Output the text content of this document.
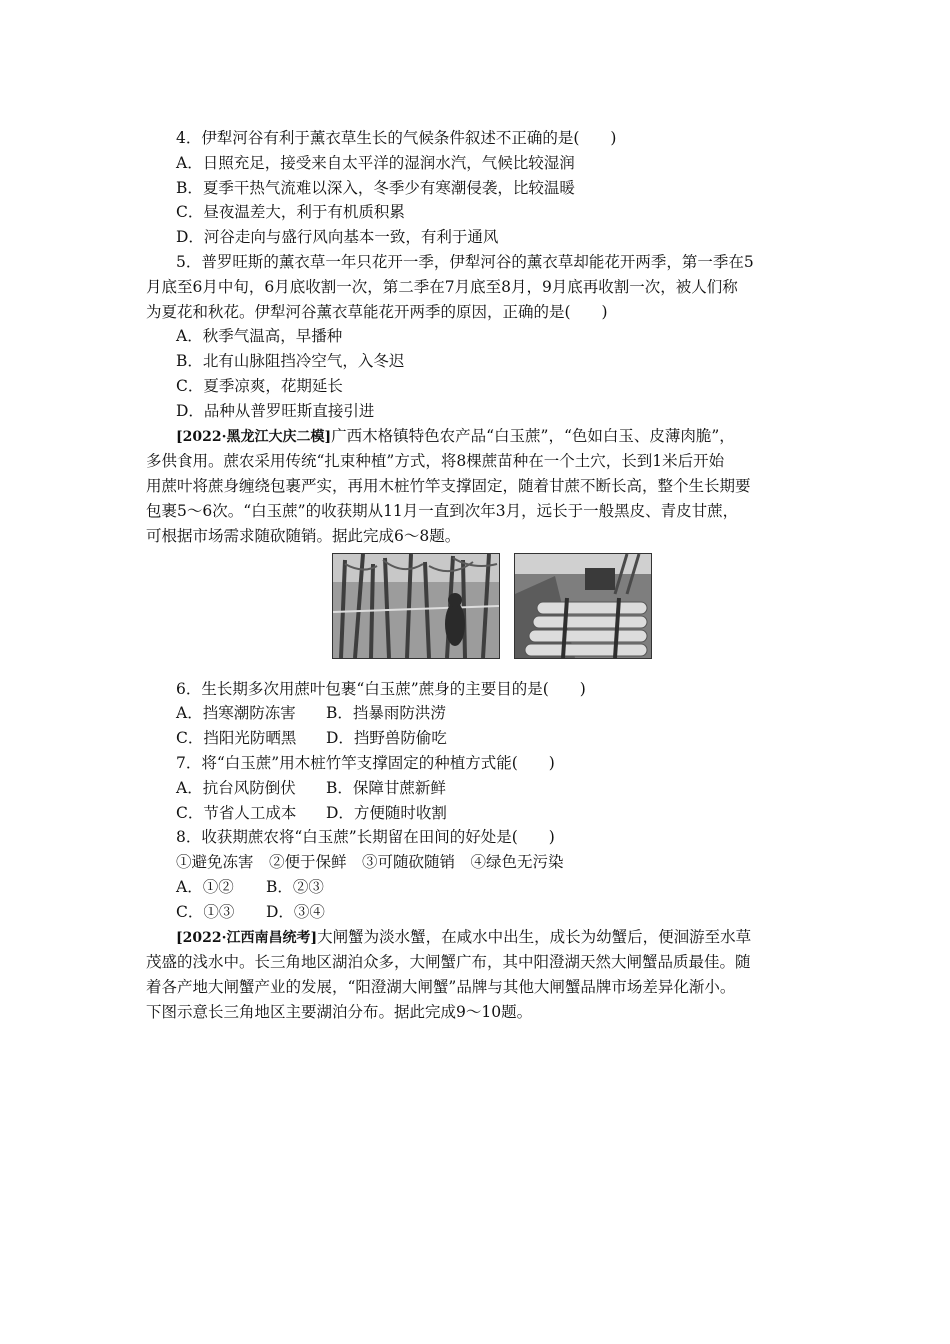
4．伊犁河谷有利于薰衣草生长的气候条件叙述不正确的是(　　)
A．日照充足，接受来自太平洋的湿润水汽，气候比较湿润
B．夏季干热气流难以深入，冬季少有寒潮侵袭，比较温暖
C．昼夜温差大，利于有机质积累
D．河谷走向与盛行风向基本一致，有利于通风
5．普罗旺斯的薰衣草一年只花开一季，伊犁河谷的薰衣草却能花开两季，第一季在5
月底至6月中旬，6月底收割一次，第二季在7月底至8月，9月底再收割一次，被人们称
为夏花和秋花。伊犁河谷薰衣草能花开两季的原因，正确的是(　　)
A．秋季气温高，早播种
B．北有山脉阻挡冷空气，入冬迟
C．夏季凉爽，花期延长
D．品种从普罗旺斯直接引进
[2022·黑龙江大庆二模]广西木格镇特色农产品“白玉蔗”，“色如白玉、皮薄肉脆”，
多供食用。蔗农采用传统“扎束种植”方式，将8棵蔗苗种在一个土穴，长到1米后开始
用蔗叶将蔗身缠绕包裹严实，再用木桩竹竿支撑固定，随着甘蔗不断长高，整个生长期要
包裹5～6次。“白玉蔗”的收获期从11月一直到次年3月，远长于一般黑皮、青皮甘蔗，
可根据市场需求随砍随销。据此完成6～8题。
6．生长期多次用蔗叶包裹“白玉蔗”蔗身的主要目的是(　　)
A．挡寒潮防冻害 B．挡暴雨防洪涝
C．挡阳光防晒黑 D．挡野兽防偷吃
7．将“白玉蔗”用木桩竹竿支撑固定的种植方式能(　　)
A．抗台风防倒伏 B．保障甘蔗新鲜
C．节省人工成本 D．方便随时收割
8．收获期蔗农将“白玉蔗”长期留在田间的好处是(　　)
①避免冻害　②便于保鲜　③可随砍随销　④绿色无污染
A．①② B．②③
C．①③ D．③④
[2022·江西南昌统考]大闸蟹为淡水蟹，在咸水中出生，成长为幼蟹后，便洄游至水草
茂盛的浅水中。长三角地区湖泊众多，大闸蟹广布，其中阳澄湖天然大闸蟹品质最佳。随
着各产地大闸蟹产业的发展，“阳澄湖大闸蟹”品牌与其他大闸蟹品牌市场差异化渐小。
下图示意长三角地区主要湖泊分布。据此完成9～10题。
